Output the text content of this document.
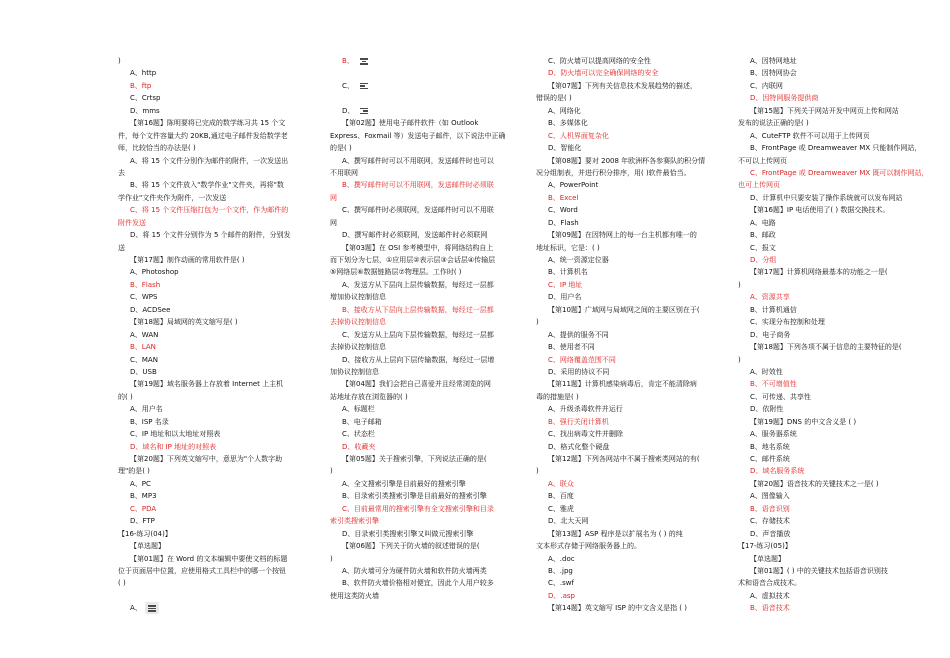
)
A、http
B、ftp
C、Crtsp
D、mms
【第16题】陈明要将已完成的数学练习共 15 个文
件，每个文件容量大约 20KB,通过电子邮件发给数学老
师，比较恰当的办法是( )
A、将 15 个文件分别作为邮件的附件，一次发送出
去
B、将 15 个文件放入"数学作业"文件夹，再将"数
学作业"文件夹作为附件，一次发送
C、将 15 个文件压缩打包为一个文件，作为邮件的
附件发送
D、将 15 个文件分别作为 5 个邮件的附件，分别发
送
【第17题】制作动画的常用软件是( )
A、Photoshop
B、Flash
C、WPS
D、ACDSee
【第18题】局域网的英文缩写是( )
A、WAN
B、LAN
C、MAN
D、USB
【第19题】域名服务器上存放着 Internet 上主机
的( )
A、用户名
B、ISP 名录
C、IP 地址和以太地址对照表
D、域名和 IP 地址的对照表
【第20题】下列英文缩写中，意思为"个人数字助
理"的是( )
A、PC
B、MP3
C、PDA
D、FTP
【16-练习(04)】
【单选题】
【第01题】在 Word 的文本编辑中要使文档的标题
位于页面居中位置，应使用格式工具栏中的哪一个按钮
( )
A、
B、
C、
D、
【第02题】使用电子邮件软件（如 Outlook
Express、Foxmail 等）发送电子邮件，以下说法中正确
的是( )
A、撰写邮件时可以不用联网，发送邮件时也可以
不用联网
B、撰写邮件时可以不用联网，发送邮件时必须联
网
C、撰写邮件时必须联网，发送邮件时可以不用联
网
D、撰写邮件时必须联网，发送邮件时必须联网
【第03题】在 OSI 参考模型中，将网络结构自上
而下划分为七层，①应用层②表示层③会话层④传输层
⑤网络层⑥数据链路层⑦物理层。工作时( )
A、发送方从下层向上层传输数据，每经过一层都
增加协议控制信息
B、接收方从下层向上层传输数据，每经过一层都
去掉协议控制信息
C、发送方从上层向下层传输数据，每经过一层都
去掉协议控制信息
D、接收方从上层向下层传输数据，每经过一层增
加协议控制信息
【第04题】我们会把自己喜爱并且经常浏览的网
站地址存放在浏览器的( )
A、标题栏
B、电子邮箱
C、状态栏
D、收藏夹
【第05题】关于搜索引擎，下列说法正确的是(
)
A、全文搜索引擎是目前最好的搜索引擎
B、目录索引类搜索引擎是目前最好的搜索引擎
C、目前最常用的搜索引擎有全文搜索引擎和目录
索引类搜索引擎
D、目录索引类搜索引擎又叫做元搜索引擎
【第06题】下列关于防火墙的叙述错误的是(
)
A、防火墙可分为硬件防火墙和软件防火墙两类
B、软件防火墙价格相对便宜，因此个人用户较多
使用这类防火墙
C、防火墙可以提高网络的安全性
D、防火墙可以完全确保网络的安全
【第07题】下列有关信息技术发展趋势的描述，
错误的是( )
A、网络化
B、多媒体化
C、人机界面复杂化
D、智能化
【第08题】要对 2008 年欧洲杯各参赛队的积分情
况分组制表，并进行积分排序，用( )软件最恰当。
A、PowerPoint
B、Excel
C、Word
D、Flash
【第09题】在因特网上的每一台主机都有唯一的
地址标识，它是：( )
A、统一资源定位器
B、计算机名
C、IP 地址
D、用户名
【第10题】广域网与局域网之间的主要区别在于(
)
A、提供的服务不同
B、使用者不同
C、网络覆盖范围不同
D、采用的协议不同
【第11题】计算机感染病毒后，肯定不能清除病
毒的措施是( )
A、升级杀毒软件并运行
B、强行关闭计算机
C、找出病毒文件并删除
D、格式化整个硬盘
【第12题】下列各网站中不属于搜索类网站的有(
)
A、联众
B、百度
C、雅虎
D、北大天网
【第13题】ASP 程序是以扩展名为 ( ) 的纯
文本形式存储于网络服务器上的。
A、.doc
B、.jpg
C、.swf
D、.asp
【第14题】英文缩写 ISP 的中文含义是指 ( )
A、因特网地址
B、因特网协会
C、内联网
D、因特网服务提供商
【第15题】下列关于网站开发中网页上传和网站
发布的说法正确的是( )
A、CuteFTP 软件不可以用于上传网页
B、FrontPage 或 Dreamweaver MX 只能制作网站，
不可以上传网页
C、FrontPage 或 Dreamweaver MX 既可以制作网站，
也可上传网页
D、计算机中只要安装了操作系统就可以发布网站
【第16题】IP 电话使用了( ) 数据交换技术。
A、电路
B、邮政
C、报文
D、分组
【第17题】计算机网络最基本的功能之一是(
)
A、资源共享
B、计算机通信
C、实现分布控制和处理
D、电子商务
【第18题】下列各项不属于信息的主要特征的是(
)
A、时效性
B、不可增值性
C、可传递、共享性
D、依附性
【第19题】DNS 的中文含义是 ( )
A、服务器系统
B、地名系统
C、邮件系统
D、域名服务系统
【第20题】语音技术的关键技术之一是( )
A、图像输入
B、语音识别
C、存储技术
D、声音播放
【17-练习(05)】
【单选题】
【第01题】( ) 中的关键技术包括语音识别技
术和语音合成技术。
A、虚拟技术
B、语音技术
